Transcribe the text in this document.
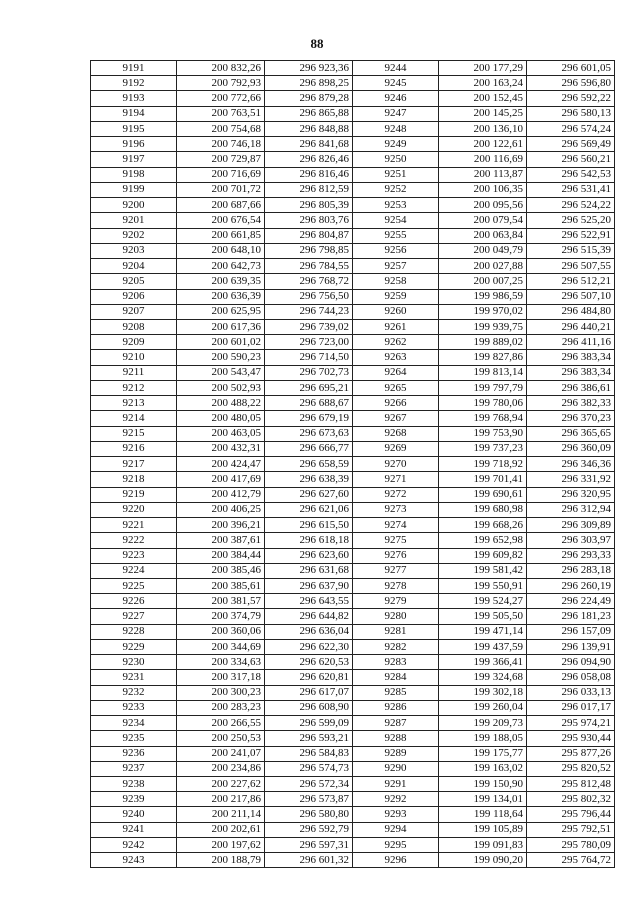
88
9191	200 832,26	296 923,36	9244	200 177,29	296 601,05
9192	200 792,93	296 898,25	9245	200 163,24	296 596,80
9193	200 772,66	296 879,28	9246	200 152,45	296 592,22
9194	200 763,51	296 865,88	9247	200 145,25	296 580,13
9195	200 754,68	296 848,88	9248	200 136,10	296 574,24
9196	200 746,18	296 841,68	9249	200 122,61	296 569,49
9197	200 729,87	296 826,46	9250	200 116,69	296 560,21
9198	200 716,69	296 816,46	9251	200 113,87	296 542,53
9199	200 701,72	296 812,59	9252	200 106,35	296 531,41
9200	200 687,66	296 805,39	9253	200 095,56	296 524,22
9201	200 676,54	296 803,76	9254	200 079,54	296 525,20
9202	200 661,85	296 804,87	9255	200 063,84	296 522,91
9203	200 648,10	296 798,85	9256	200 049,79	296 515,39
9204	200 642,73	296 784,55	9257	200 027,88	296 507,55
9205	200 639,35	296 768,72	9258	200 007,25	296 512,21
9206	200 636,39	296 756,50	9259	199 986,59	296 507,10
9207	200 625,95	296 744,23	9260	199 970,02	296 484,80
9208	200 617,36	296 739,02	9261	199 939,75	296 440,21
9209	200 601,02	296 723,00	9262	199 889,02	296 411,16
9210	200 590,23	296 714,50	9263	199 827,86	296 383,34
9211	200 543,47	296 702,73	9264	199 813,14	296 383,34
9212	200 502,93	296 695,21	9265	199 797,79	296 386,61
9213	200 488,22	296 688,67	9266	199 780,06	296 382,33
9214	200 480,05	296 679,19	9267	199 768,94	296 370,23
9215	200 463,05	296 673,63	9268	199 753,90	296 365,65
9216	200 432,31	296 666,77	9269	199 737,23	296 360,09
9217	200 424,47	296 658,59	9270	199 718,92	296 346,36
9218	200 417,69	296 638,39	9271	199 701,41	296 331,92
9219	200 412,79	296 627,60	9272	199 690,61	296 320,95
9220	200 406,25	296 621,06	9273	199 680,98	296 312,94
9221	200 396,21	296 615,50	9274	199 668,26	296 309,89
9222	200 387,61	296 618,18	9275	199 652,98	296 303,97
9223	200 384,44	296 623,60	9276	199 609,82	296 293,33
9224	200 385,46	296 631,68	9277	199 581,42	296 283,18
9225	200 385,61	296 637,90	9278	199 550,91	296 260,19
9226	200 381,57	296 643,55	9279	199 524,27	296 224,49
9227	200 374,79	296 644,82	9280	199 505,50	296 181,23
9228	200 360,06	296 636,04	9281	199 471,14	296 157,09
9229	200 344,69	296 622,30	9282	199 437,59	296 139,91
9230	200 334,63	296 620,53	9283	199 366,41	296 094,90
9231	200 317,18	296 620,81	9284	199 324,68	296 058,08
9232	200 300,23	296 617,07	9285	199 302,18	296 033,13
9233	200 283,23	296 608,90	9286	199 260,04	296 017,17
9234	200 266,55	296 599,09	9287	199 209,73	295 974,21
9235	200 250,53	296 593,21	9288	199 188,05	295 930,44
9236	200 241,07	296 584,83	9289	199 175,77	295 877,26
9237	200 234,86	296 574,73	9290	199 163,02	295 820,52
9238	200 227,62	296 572,34	9291	199 150,90	295 812,48
9239	200 217,86	296 573,87	9292	199 134,01	295 802,32
9240	200 211,14	296 580,80	9293	199 118,64	295 796,44
9241	200 202,61	296 592,79	9294	199 105,89	295 792,51
9242	200 197,62	296 597,31	9295	199 091,83	295 780,09
9243	200 188,79	296 601,32	9296	199 090,20	295 764,72
